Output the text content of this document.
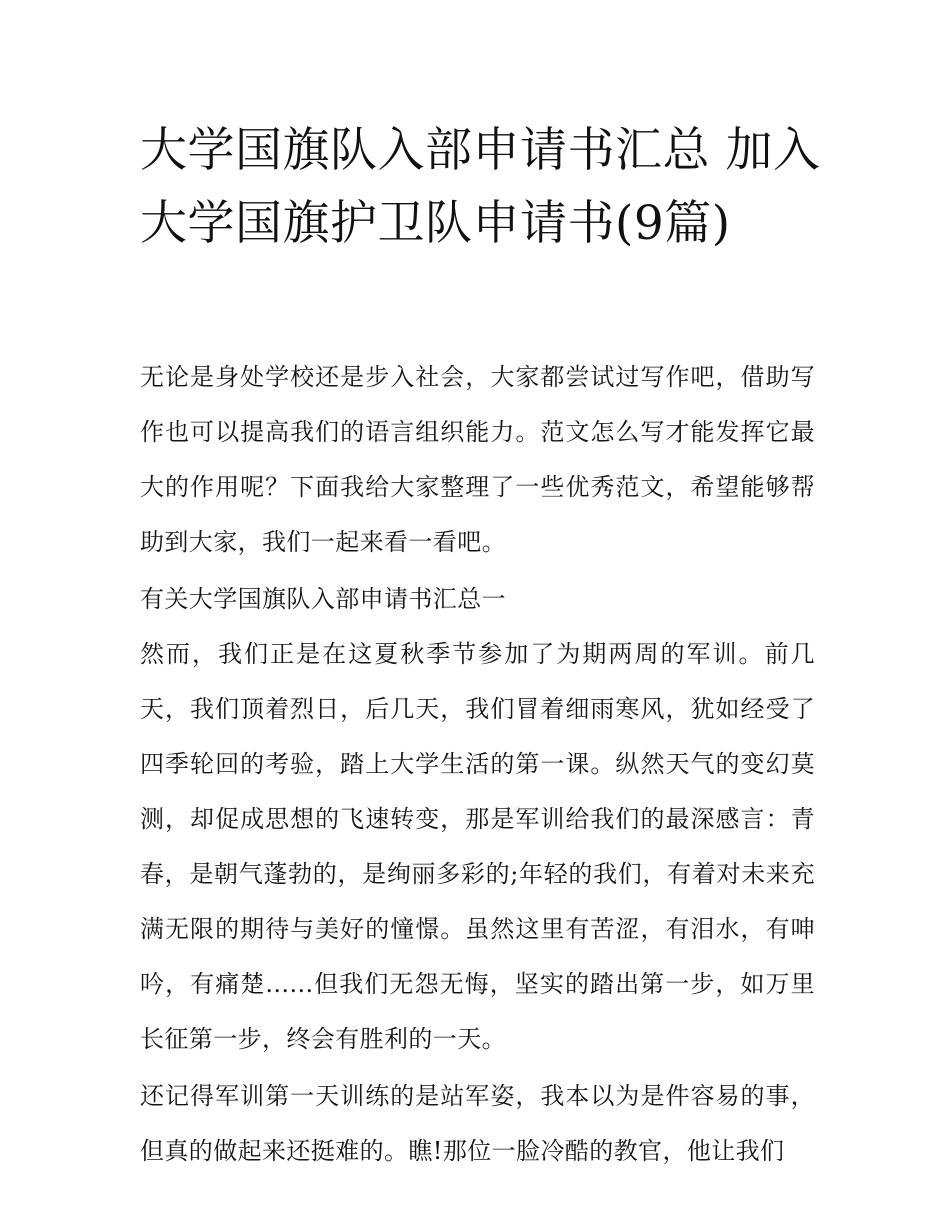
大学国旗队入部申请书汇总 加入大学国旗护卫队申请书(9篇)

无论是身处学校还是步入社会，大家都尝试过写作吧，借助写作也可以提高我们的语言组织能力。范文怎么写才能发挥它最大的作用呢？下面我给大家整理了一些优秀范文，希望能够帮助到大家，我们一起来看一看吧。

有关大学国旗队入部申请书汇总一

然而，我们正是在这夏秋季节参加了为期两周的军训。前几天，我们顶着烈日，后几天，我们冒着细雨寒风，犹如经受了四季轮回的考验，踏上大学生活的第一课。纵然天气的变幻莫测，却促成思想的飞速转变，那是军训给我们的最深感言：青春，是朝气蓬勃的，是绚丽多彩的;年轻的我们，有着对未来充满无限的期待与美好的憧憬。虽然这里有苦涩，有泪水，有呻吟，有痛楚......但我们无怨无悔，坚实的踏出第一步，如万里长征第一步，终会有胜利的一天。

还记得军训第一天训练的是站军姿，我本以为是件容易的事，但真的做起来还挺难的。瞧!那位一脸冷酷的教官，他让我们
